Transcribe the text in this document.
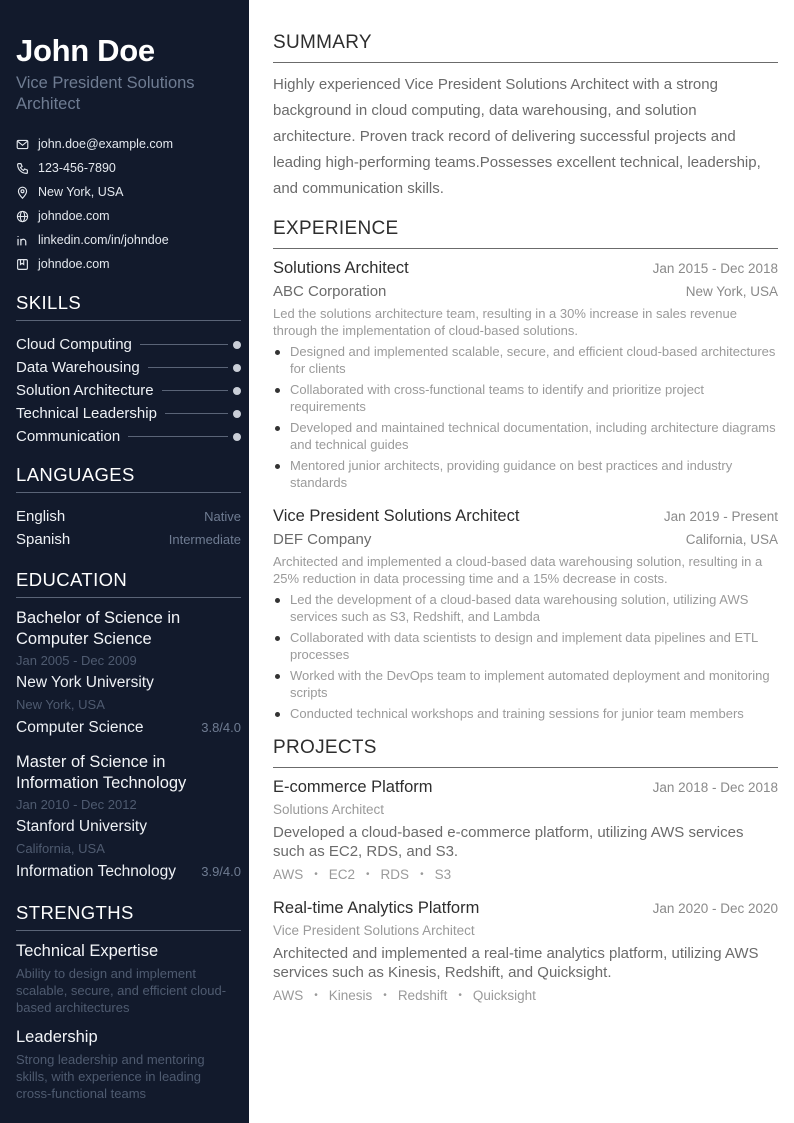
John Doe
Vice President Solutions Architect
john.doe@example.com
123-456-7890
New York, USA
johndoe.com
linkedin.com/in/johndoe
johndoe.com
SKILLS
Cloud Computing
Data Warehousing
Solution Architecture
Technical Leadership
Communication
LANGUAGES
English	Native
Spanish	Intermediate
EDUCATION
Bachelor of Science in Computer Science
Jan 2005 - Dec 2009
New York University
New York, USA
Computer Science	3.8/4.0
Master of Science in Information Technology
Jan 2010 - Dec 2012
Stanford University
California, USA
Information Technology 3.9/4.0
STRENGTHS
Technical Expertise
Ability to design and implement scalable, secure, and efficient cloud-based architectures
Leadership
Strong leadership and mentoring skills, with experience in leading cross-functional teams
SUMMARY

Highly experienced Vice President Solutions Architect with a strong background in cloud computing, data warehousing, and solution architecture. Proven track record of delivering successful projects and leading high-performing teams.Possesses excellent technical, leadership, and communication skills.

EXPERIENCE
Solutions Architect	Jan 2015 - Dec 2018
ABC Corporation	New York, USA

Led the solutions architecture team, resulting in a 30% increase in sales revenue through the implementation of cloud-based solutions.

Designed and implemented scalable, secure, and efficient cloud-based architectures for clients
Collaborated with cross-functional teams to identify and prioritize project requirements
Developed and maintained technical documentation, including architecture diagrams and technical guides
Mentored junior architects, providing guidance on best practices and industry standards
Vice President Solutions Architect	Jan 2019 - Present
DEF Company	California, USA

Architected and implemented a cloud-based data warehousing solution, resulting in a 25% reduction in data processing time and a 15% decrease in costs.

Led the development of a cloud-based data warehousing solution, utilizing AWS services such as S3, Redshift, and Lambda
Collaborated with data scientists to design and implement data pipelines and ETL processes
Worked with the DevOps team to implement automated deployment and monitoring scripts
Conducted technical workshops and training sessions for junior team members
PROJECTS
E-commerce Platform	Jan 2018 - Dec 2018
Solutions Architect

Developed a cloud-based e-commerce platform, utilizing AWS services such as EC2, RDS, and S3.

AWS • EC2 • RDS • S3
Real-time Analytics Platform	Jan 2020 - Dec 2020
Vice President Solutions Architect

Architected and implemented a real-time analytics platform, utilizing AWS services such as Kinesis, Redshift, and Quicksight.

AWS • Kinesis • Redshift • Quicksight
